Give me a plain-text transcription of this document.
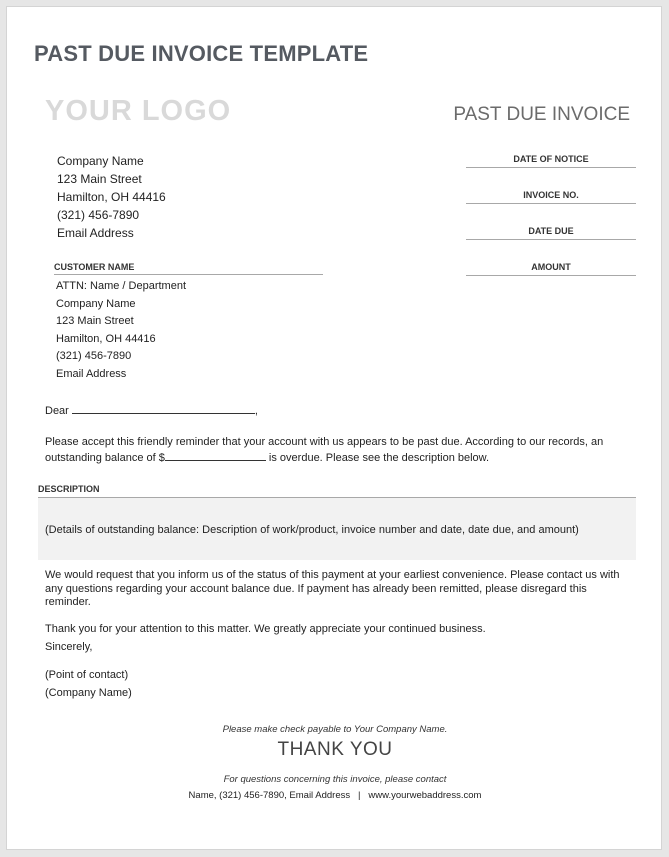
PAST DUE INVOICE TEMPLATE
YOUR LOGO	PAST DUE INVOICE
Company Name
123 Main Street
Hamilton, OH 44416
(321) 456-7890
Email Address
DATE OF NOTICE
INVOICE NO.
DATE DUE
AMOUNT
CUSTOMER NAME
ATTN: Name / Department
Company Name
123 Main Street
Hamilton, OH 44416
(321) 456-7890
Email Address
Dear	,
Please accept this friendly reminder that your account with us appears to be past due. According to our records, an outstanding balance of $	is overdue. Please see the description below.
DESCRIPTION
(Details of outstanding balance: Description of work/product, invoice number and date, date due, and amount)
We would request that you inform us of the status of this payment at your earliest convenience. Please contact us with any questions regarding your account balance due. If payment has already been remitted, please disregard this reminder.
Thank you for your attention to this matter. We greatly appreciate your continued business.
Sincerely,
(Point of contact)
(Company Name)
Please make check payable to Your Company Name.
THANK YOU
For questions concerning this invoice, please contact
Name, (321) 456-7890, Email Address   |   www.yourwebaddress.com
